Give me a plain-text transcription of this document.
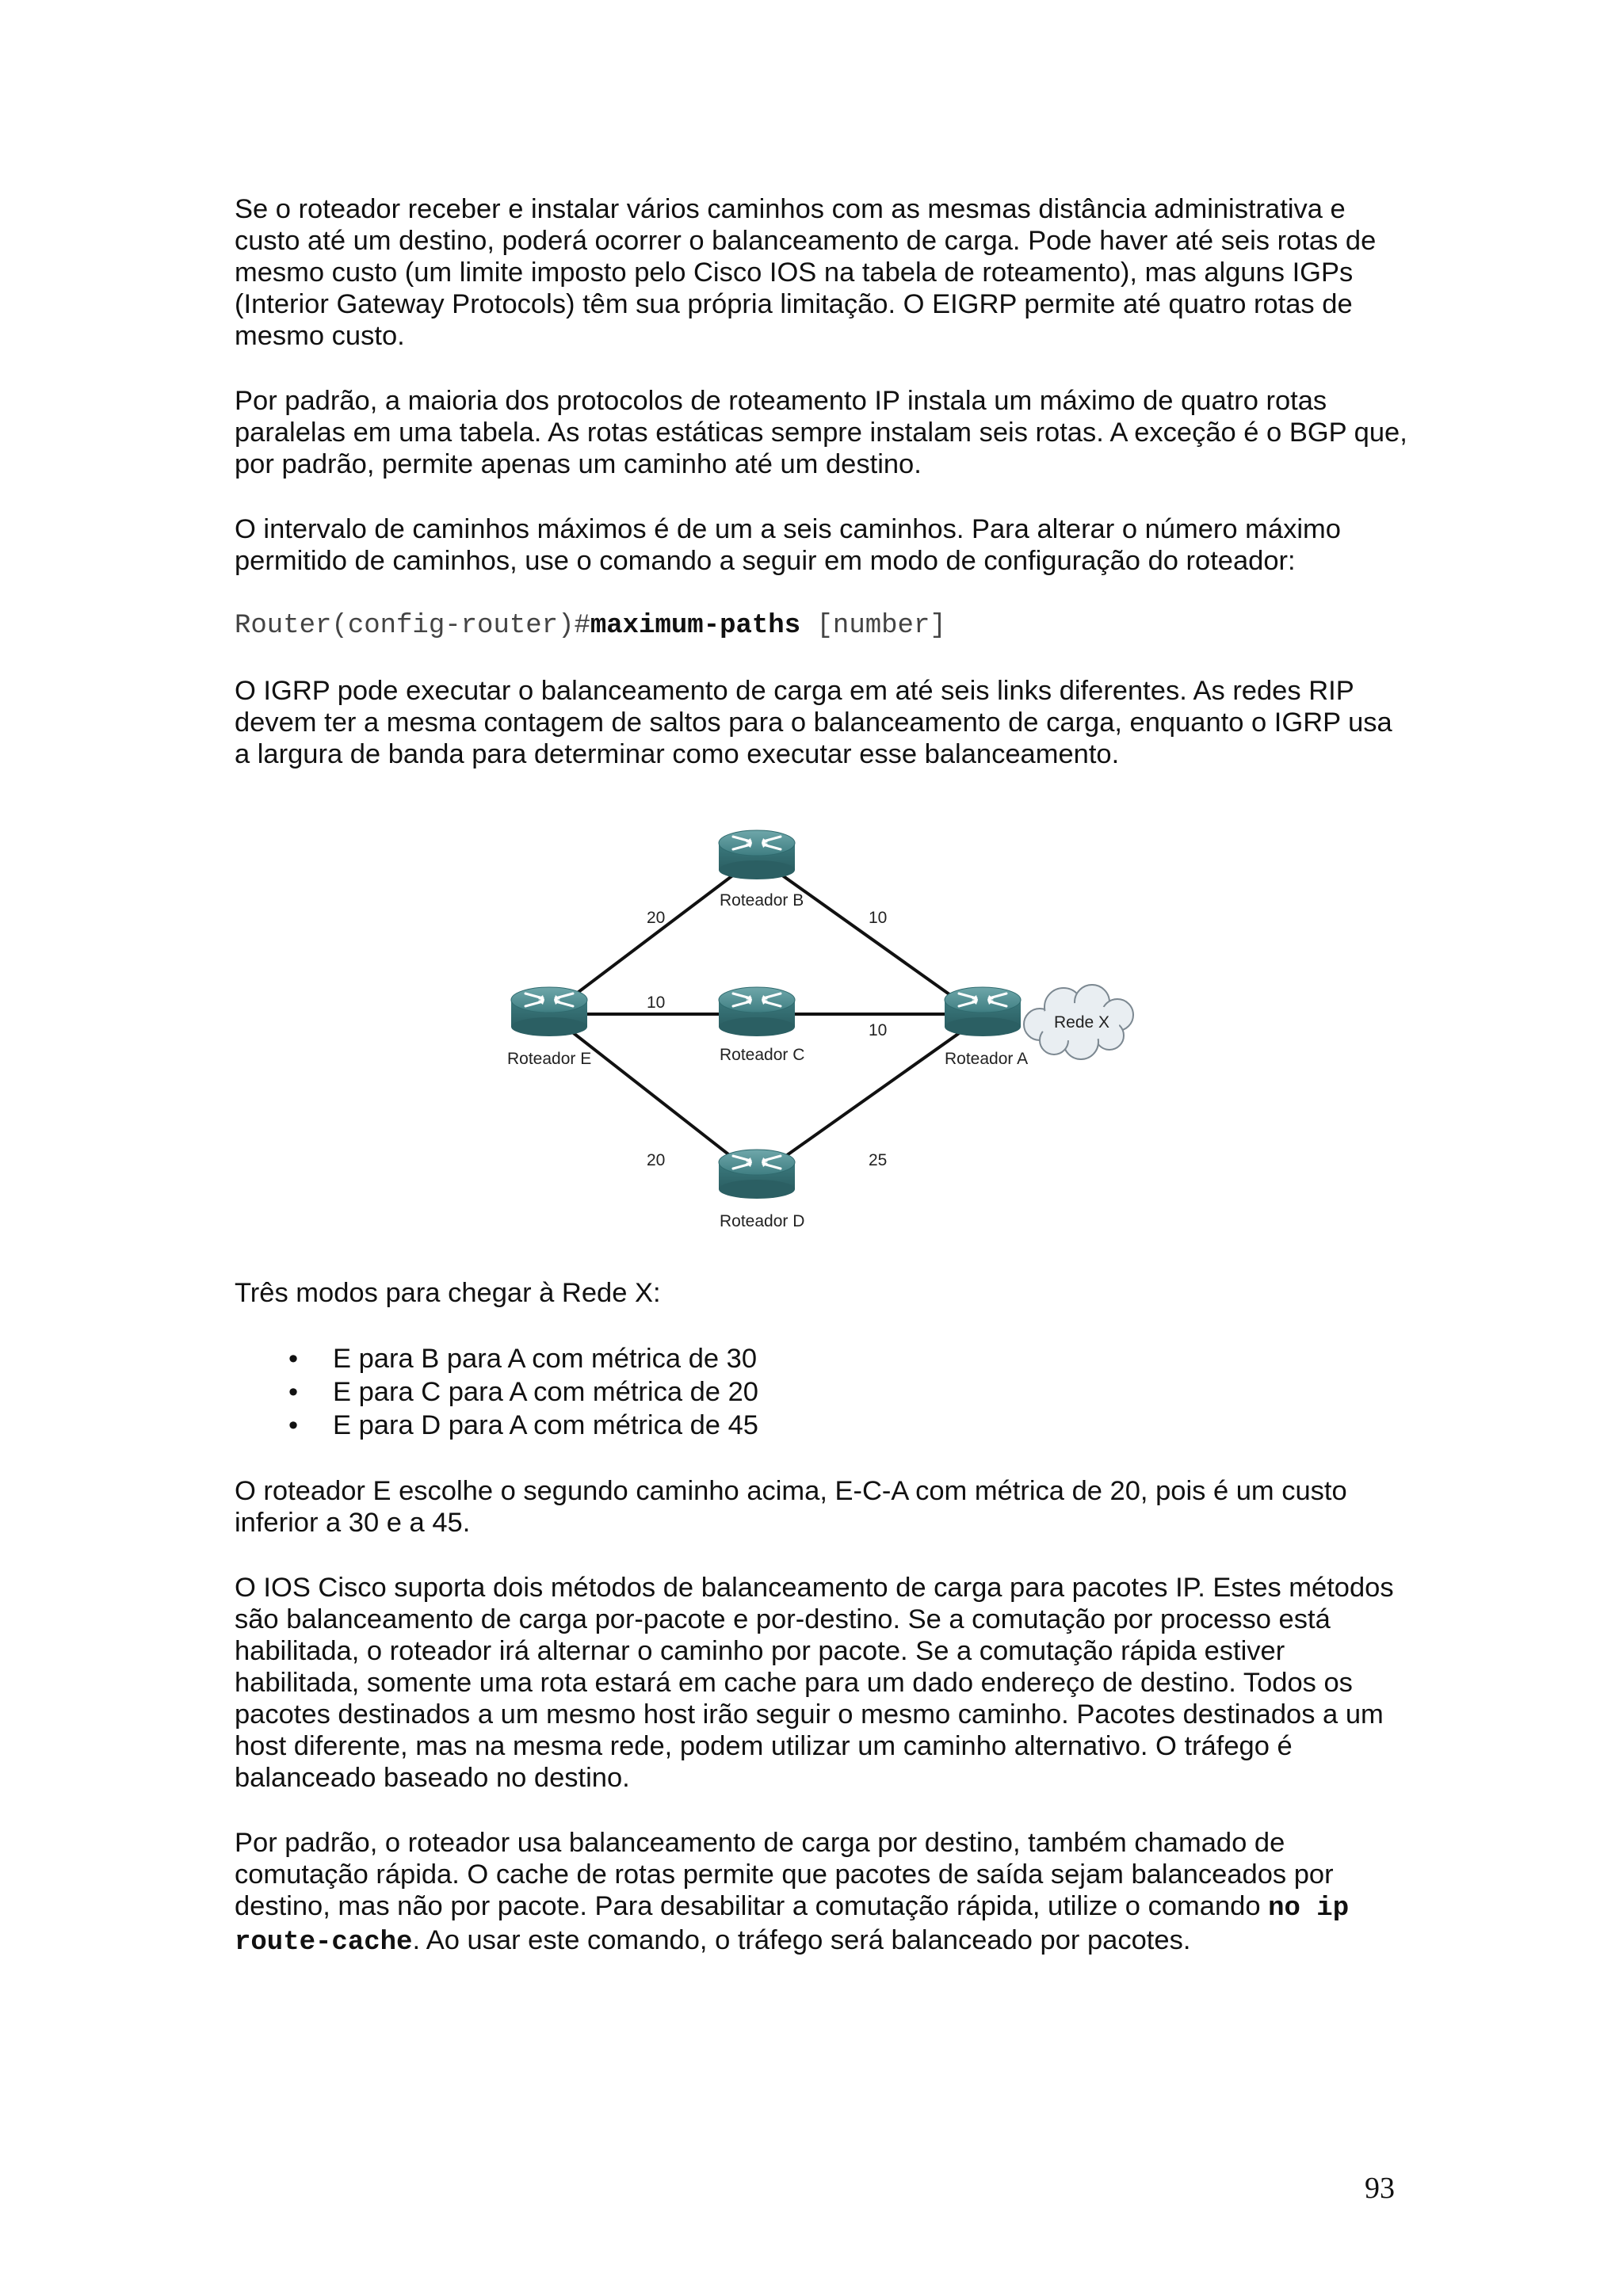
Se o roteador receber e instalar vários caminhos com as mesmas distância administrativa e custo até um destino, poderá ocorrer o balanceamento de carga. Pode haver até seis rotas de mesmo custo (um limite imposto pelo Cisco IOS na tabela de roteamento), mas alguns IGPs (Interior Gateway Protocols) têm sua própria limitação. O EIGRP permite até quatro rotas de mesmo custo.

Por padrão, a maioria dos protocolos de roteamento IP instala um máximo de quatro rotas paralelas em uma tabela. As rotas estáticas sempre instalam seis rotas. A exceção é o BGP que, por padrão, permite apenas um caminho até um destino.

O intervalo de caminhos máximos é de um a seis caminhos. Para alterar o número máximo permitido de caminhos, use o comando a seguir em modo de configuração do roteador:

Router(config-router)#maximum-paths [number]

O IGRP pode executar o balanceamento de carga em até seis links diferentes. As redes RIP devem ter a mesma contagem de saltos para o balanceamento de carga, enquanto o IGRP usa a largura de banda para determinar como executar esse balanceamento.

Três modos para chegar à Rede X:

• E para B para A com métrica de 30
• E para C para A com métrica de 20
• E para D para A com métrica de 45

O roteador E escolhe o segundo caminho acima, E-C-A com métrica de 20, pois é um custo inferior a 30 e a 45.

O IOS Cisco suporta dois métodos de balanceamento de carga para pacotes IP. Estes métodos são balanceamento de carga por-pacote e por-destino. Se a comutação por processo está habilitada, o roteador irá alternar o caminho por pacote. Se a comutação rápida estiver habilitada, somente uma rota estará em cache para um dado endereço de destino. Todos os pacotes destinados a um mesmo host irão seguir o mesmo caminho. Pacotes destinados a um host diferente, mas na mesma rede, podem utilizar um caminho alternativo. O tráfego é balanceado baseado no destino.

Por padrão, o roteador usa balanceamento de carga por destino, também chamado de comutação rápida. O cache de rotas permite que pacotes de saída sejam balanceados por destino, mas não por pacote. Para desabilitar a comutação rápida, utilize o comando no ip route-cache. Ao usar este comando, o tráfego será balanceado por pacotes.

Rede X
Roteador B
Roteador E	Roteador C	Roteador A
Roteador D
20	10
10
10
20	25
93
